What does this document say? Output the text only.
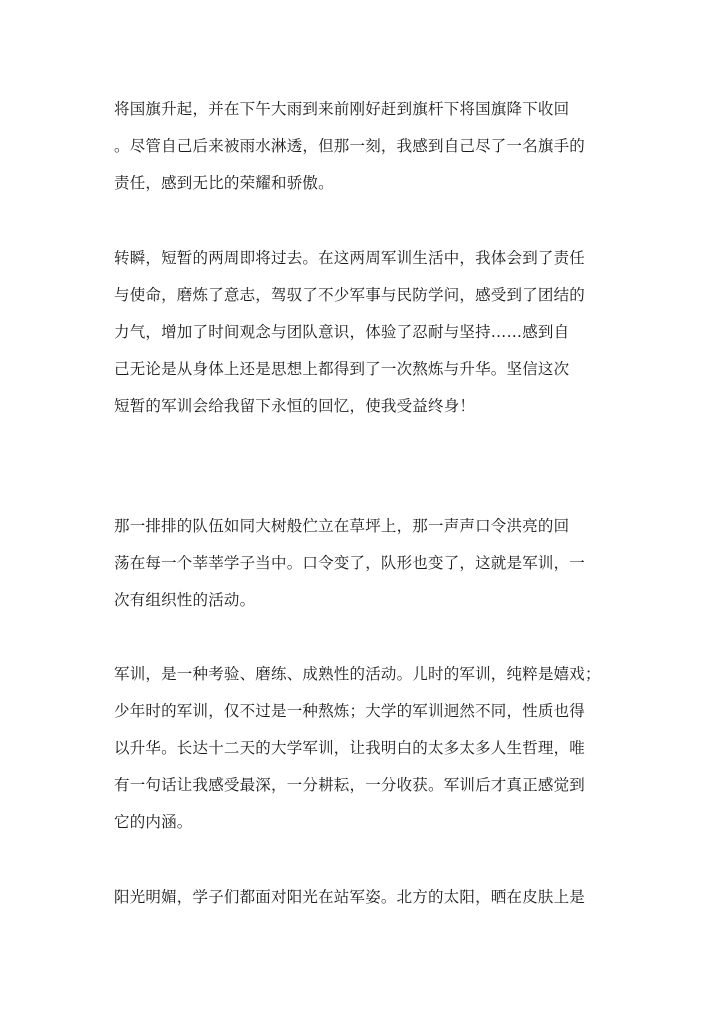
将国旗升起，并在下午大雨到来前刚好赶到旗杆下将国旗降下收回
。尽管自己后来被雨水淋透，但那一刻，我感到自己尽了一名旗手的
责任，感到无比的荣耀和骄傲。
转瞬，短暂的两周即将过去。在这两周军训生活中，我体会到了责任
与使命，磨炼了意志，驾驭了不少军事与民防学问，感受到了团结的
力气，增加了时间观念与团队意识，体验了忍耐与坚持……感到自
己无论是从身体上还是思想上都得到了一次熬炼与升华。坚信这次
短暂的军训会给我留下永恒的回忆，使我受益终身！
那一排排的队伍如同大树般伫立在草坪上，那一声声口令洪亮的回
荡在每一个莘莘学子当中。口令变了，队形也变了，这就是军训，一
次有组织性的活动。
军训，是一种考验、磨练、成熟性的活动。儿时的军训，纯粹是嬉戏；
少年时的军训，仅不过是一种熬炼；大学的军训迥然不同，性质也得
以升华。长达十二天的大学军训，让我明白的太多太多人生哲理，唯
有一句话让我感受最深，一分耕耘，一分收获。军训后才真正感觉到
它的内涵。
阳光明媚，学子们都面对阳光在站军姿。北方的太阳，晒在皮肤上是
